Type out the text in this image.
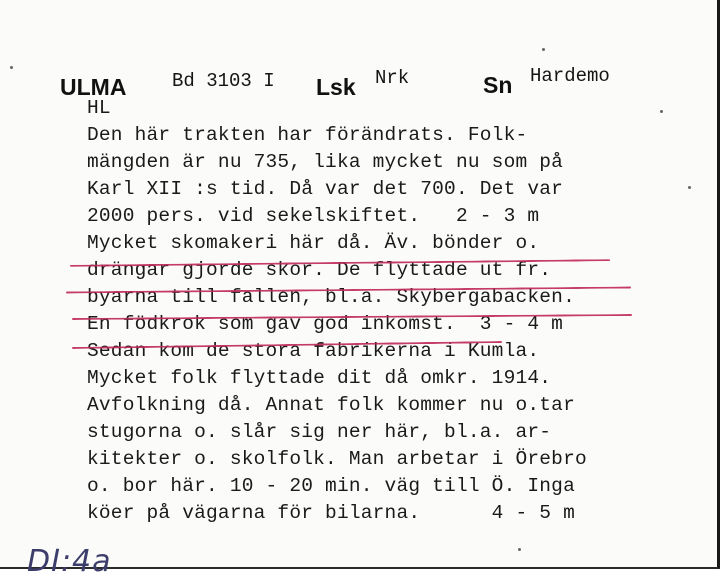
ULMA Bd 3103 I Lsk Nrk	Sn Hardemo
HL
Den här trakten har förändrats. Folk-
mängden är nu 735, lika mycket nu som på
Karl XII :s tid. Då var det 700. Det var
2000 pers. vid sekelskiftet.   2 - 3 m
Mycket skomakeri här då. Äv. bönder o.
drängar gjorde skor. De flyttade ut fr.
byarna till fallen, bl.a. Skybergabacken.
En födkrok som gav god inkomst.  3 - 4 m
Sedan kom de stora fabrikerna i Kumla.
Mycket folk flyttade dit då omkr. 1914.
Avfolkning då. Annat folk kommer nu o.tar
stugorna o. slår sig ner här, bl.a. ar-
kitekter o. skolfolk. Man arbetar i Örebro
o. bor här. 10 - 20 min. väg till Ö. Inga
köer på vägarna för bilarna.      4 - 5 m
DI:4a
